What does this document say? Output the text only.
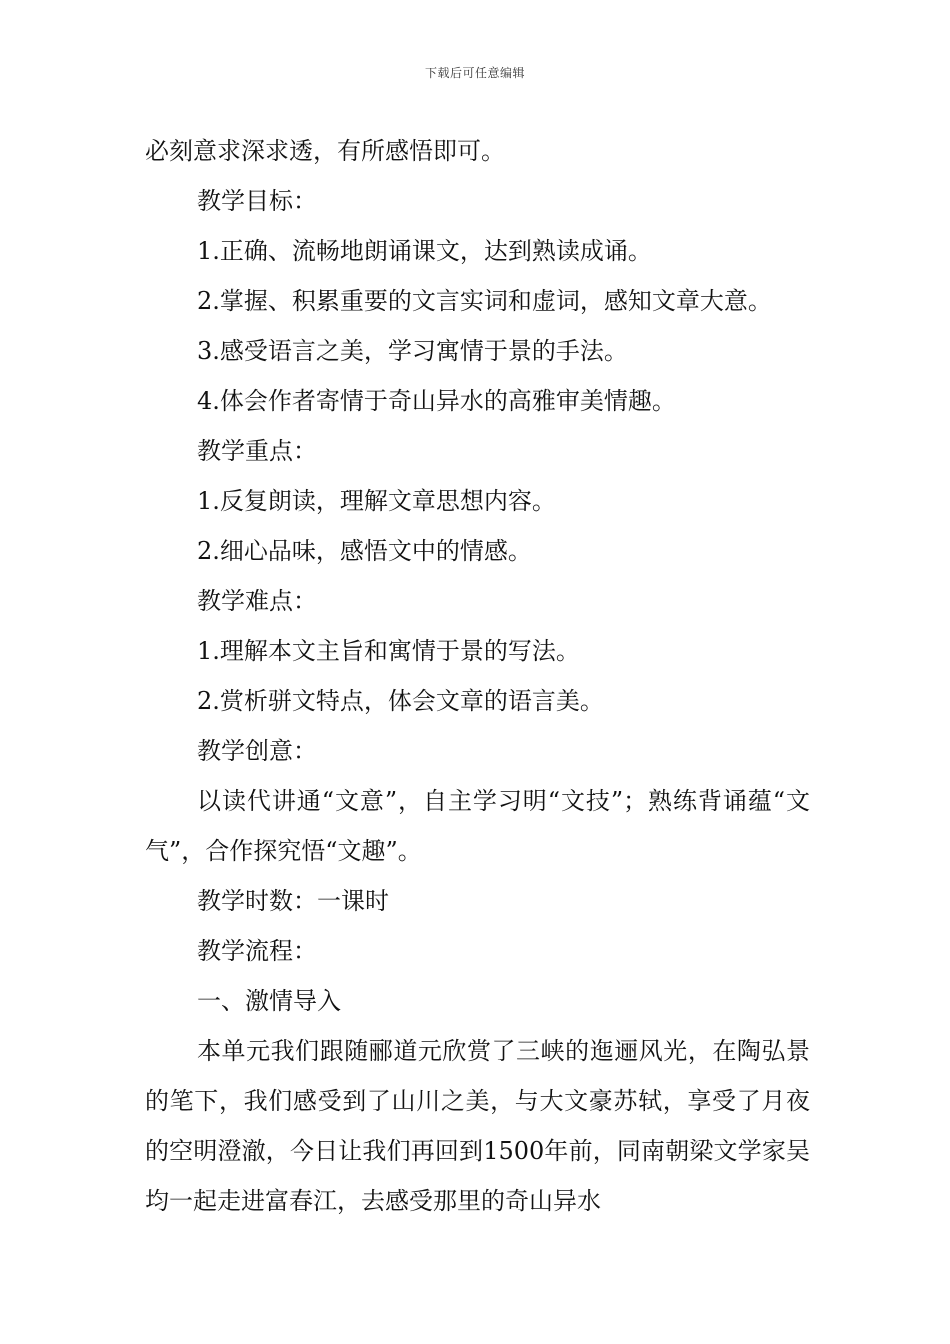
下载后可任意编辑

必刻意求深求透，有所感悟即可。

教学目标：

1.正确、流畅地朗诵课文，达到熟读成诵。

2.掌握、积累重要的文言实词和虚词，感知文章大意。

3.感受语言之美，学习寓情于景的手法。

4.体会作者寄情于奇山异水的高雅审美情趣。

教学重点：

1.反复朗读，理解文章思想内容。

2.细心品味，感悟文中的情感。

教学难点：

1.理解本文主旨和寓情于景的写法。

2.赏析骈文特点，体会文章的语言美。

教学创意：

以读代讲通“文意”，自主学习明“文技”；熟练背诵蕴“文气”，合作探究悟“文趣”。

教学时数：一课时

教学流程：

一、激情导入

本单元我们跟随郦道元欣赏了三峡的迤逦风光，在陶弘景的笔下，我们感受到了山川之美，与大文豪苏轼，享受了月夜的空明澄澈，今日让我们再回到1500年前，同南朝梁文学家吴均一起走进富春江，去感受那里的奇山异水
